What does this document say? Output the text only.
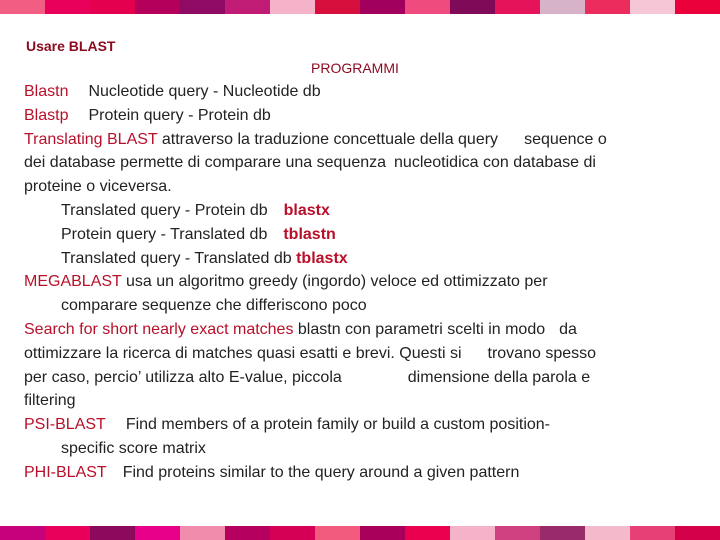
Usare BLAST
PROGRAMMI
Blastn Nucleotide query - Nucleotide db
Blastp Protein query - Protein db
Translating BLAST attraverso la traduzione concettuale della query sequence o
dei database permette di comparare una sequenza nucleotidica con database di
proteine o viceversa.
Translated query - Protein db blastx
Protein query - Translated db tblastn
Translated query - Translated db tblastx
MEGABLAST usa un algoritmo greedy (ingordo) veloce ed ottimizzato per
comparare sequenze che differiscono poco
Search for short nearly exact matches blastn con parametri scelti in modo da
ottimizzare la ricerca di matches quasi esatti e brevi. Questi si trovano spesso
per caso, percio’ utilizza alto E-value, piccola	dimensione della parola e
filtering
PSI-BLAST Find members of a protein family or build a custom position-
specific score matrix
PHI-BLAST Find proteins similar to the query around a given pattern
